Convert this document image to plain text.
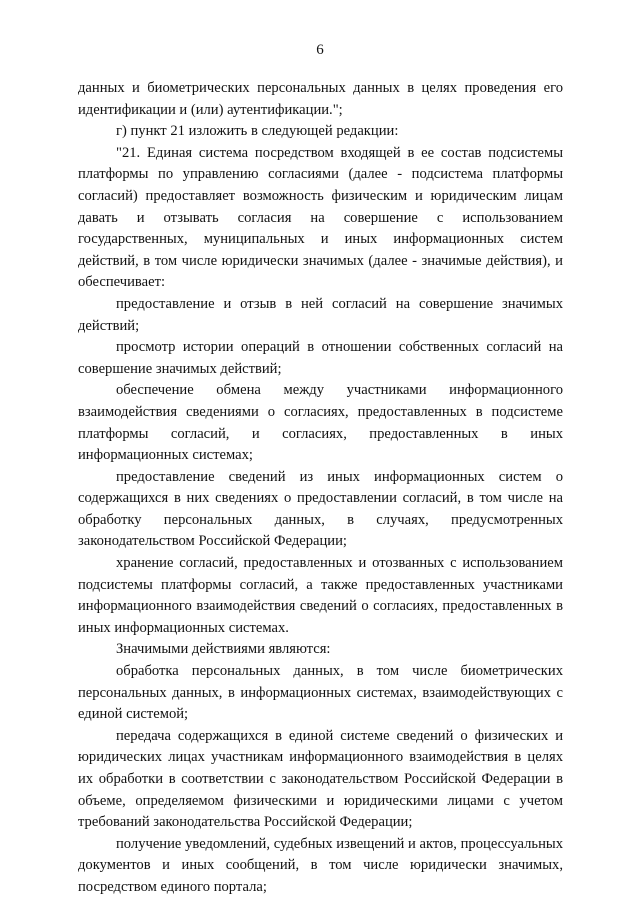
6

данных и биометрических персональных данных в целях проведения его идентификации и (или) аутентификации.";

г) пункт 21 изложить в следующей редакции:

"21. Единая система посредством входящей в ее состав подсистемы платформы по управлению согласиями (далее - подсистема платформы согласий) предоставляет возможность физическим и юридическим лицам давать и отзывать согласия на совершение с использованием государственных, муниципальных и иных информационных систем действий, в том числе юридически значимых (далее - значимые действия), и обеспечивает:

предоставление и отзыв в ней согласий на совершение значимых действий;

просмотр истории операций в отношении собственных согласий на совершение значимых действий;

обеспечение обмена между участниками информационного взаимодействия сведениями о согласиях, предоставленных в подсистеме платформы согласий, и согласиях, предоставленных в иных информационных системах;

предоставление сведений из иных информационных систем о содержащихся в них сведениях о предоставлении согласий, в том числе на обработку персональных данных, в случаях, предусмотренных законодательством Российской Федерации;

хранение согласий, предоставленных и отозванных с использованием подсистемы платформы согласий, а также предоставленных участниками информационного взаимодействия сведений о согласиях, предоставленных в иных информационных системах.

Значимыми действиями являются:

обработка персональных данных, в том числе биометрических персональных данных, в информационных системах, взаимодействующих с единой системой;

передача содержащихся в единой системе сведений о физических и юридических лицах участникам информационного взаимодействия в целях их обработки в соответствии с законодательством Российской Федерации в объеме, определяемом физическими и юридическими лицами с учетом требований законодательства Российской Федерации;

получение уведомлений, судебных извещений и актов, процессуальных документов и иных сообщений, в том числе юридически значимых, посредством единого портала;
